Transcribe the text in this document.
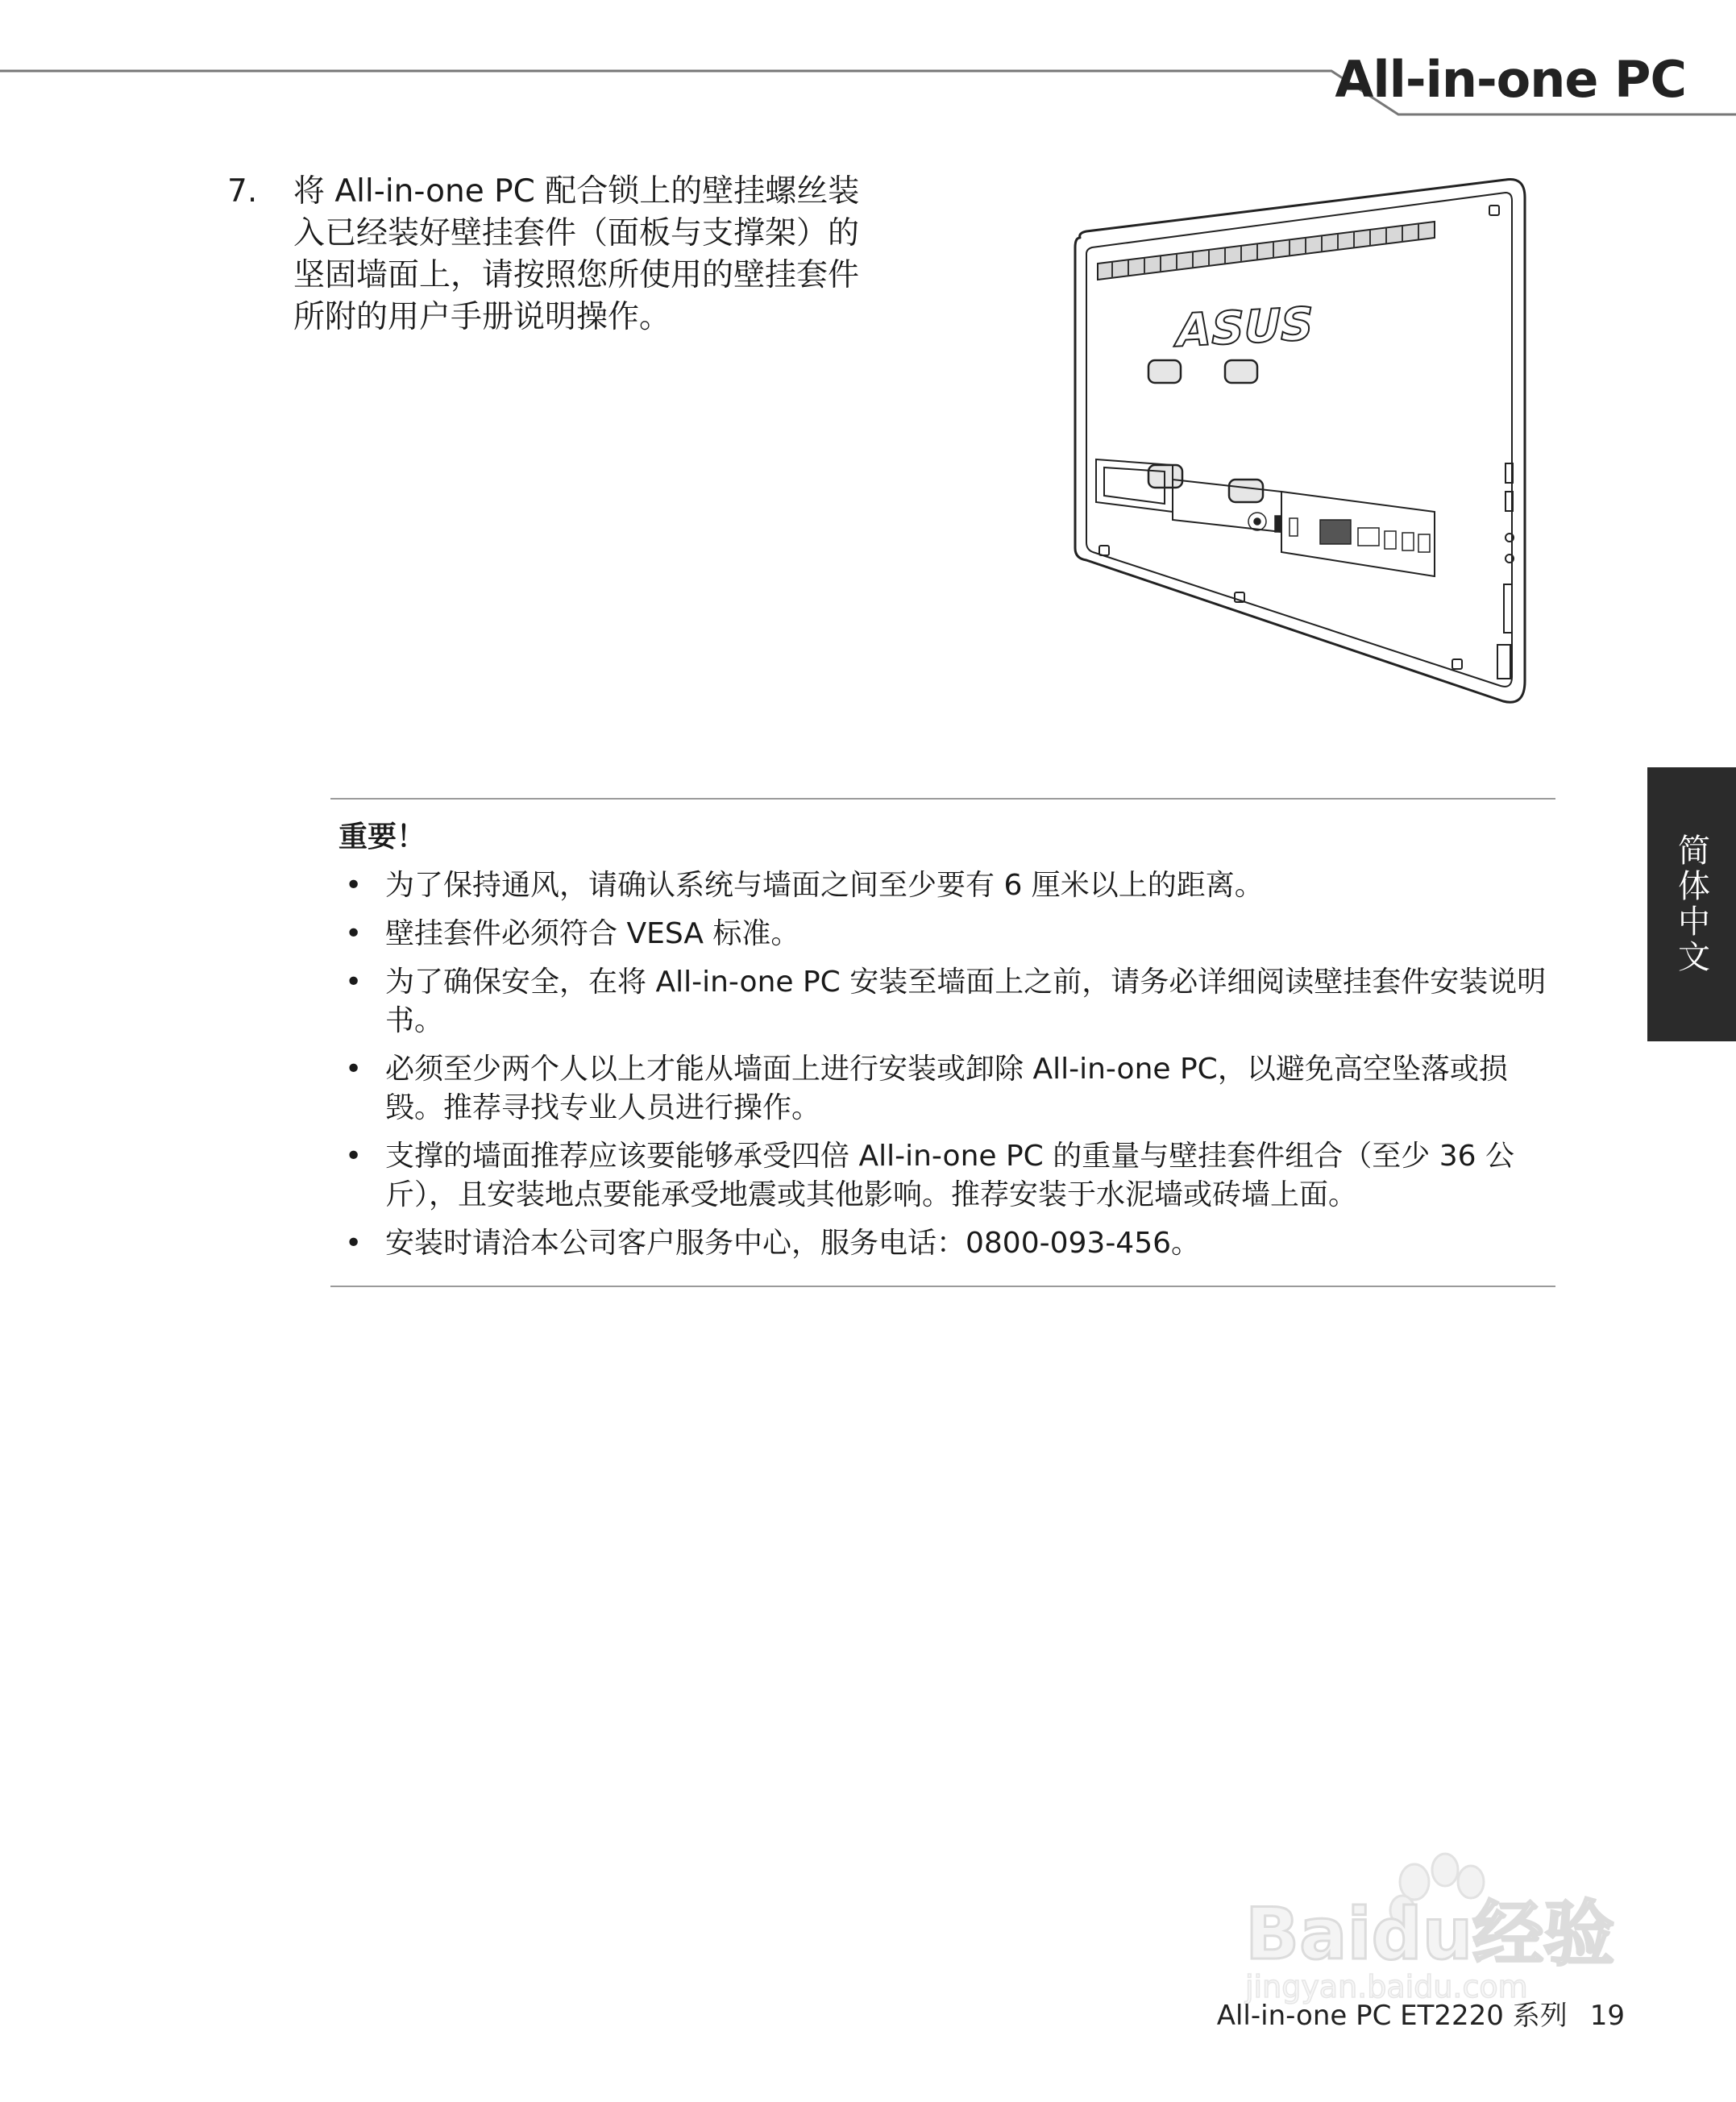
All-in-one PC
7. 将 All-in-one PC 配合锁上的壁挂螺丝装入已经装好壁挂套件（面板与支撑架）的坚固墙面上，请按照您所使用的壁挂套件所附的用户手册说明操作。	ASUS
重要！
• 为了保持通风，请确认系统与墙面之间至少要有 6 厘米以上的距离。
• 壁挂套件必须符合 VESA 标准。
• 为了确保安全，在将 All-in-one PC 安装至墙面上之前，请务必详细阅读壁挂套件安装说明书。
• 必须至少两个人以上才能从墙面上进行安装或卸除 All-in-one PC，以避免高空坠落或损毁。推荐寻找专业人员进行操作。
• 支撑的墙面推荐应该要能够承受四倍 All-in-one PC 的重量与壁挂套件组合（至少 36 公斤），且安装地点要能承受地震或其他影响。推荐安装于水泥墙或砖墙上面。
• 安装时请洽本公司客户服务中心，服务电话：0800-093-456。
简体中文
Baidu经验
jingyan.baidu.com
All-in-one PC ET2220 系列 19
